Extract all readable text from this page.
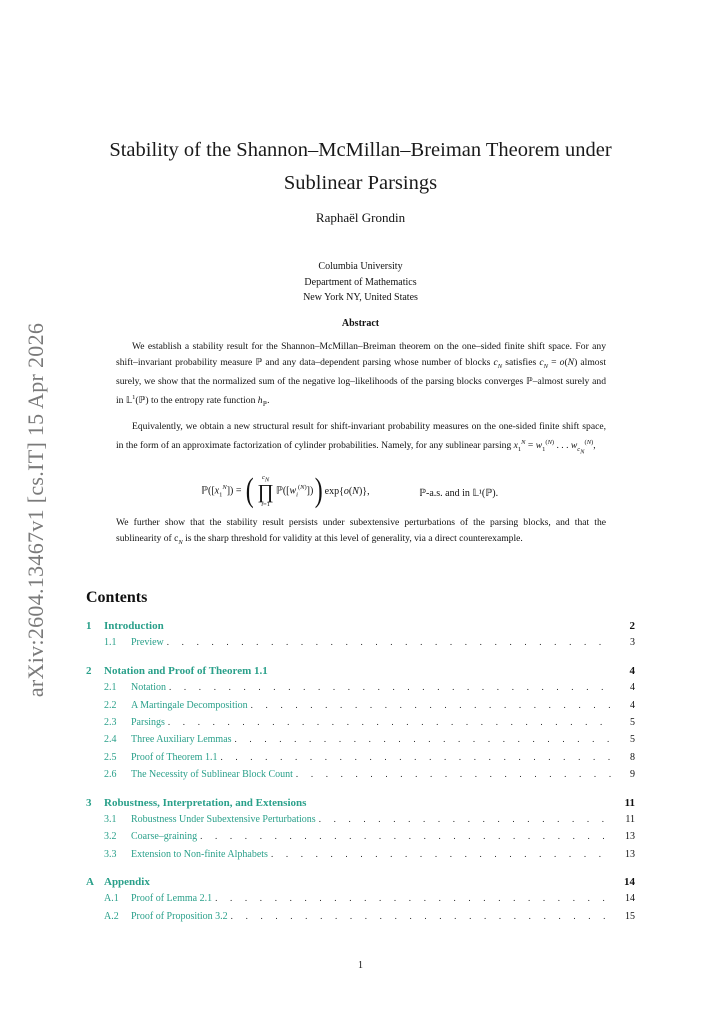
arXiv:2604.13467v1 [cs.IT] 15 Apr 2026
Stability of the Shannon–McMillan–Breiman Theorem under
Sublinear Parsings
Raphaël Grondin
Columbia University
Department of Mathematics
New York NY, United States
Abstract

We establish a stability result for the Shannon–McMillan–Breiman theorem on the one–sided finite shift space. For any shift–invariant probability measure ℙ and any data–dependent parsing whose number of blocks $c_N$ satisfies $c_N = o(N)$ almost surely, we show that the normalized sum of the negative log–likelihoods of the parsing blocks converges ℙ–almost surely and in 𝕃$^1$(ℙ) to the entropy rate function $h_ℙ$.

Equivalently, we obtain a new structural result for shift-invariant probability measures on the one-sided finite shift space, in the form of an approximate factorization of cylinder probabilities. Namely, for any sublinear parsing $x_1^N = w_1^{(N)}$ . . . $w_{c_N}^{(N)}$,

$ℙ([x_1^N])$ = ( $c_N$
∏
i=1
$ℙ([w_i^{(N)}])$ ) exp{o(N)},	ℙ-a.s. and in 𝕃¹(ℙ).

We further show that the stability result persists under subextensive perturbations of the parsing blocks, and that the sublinearity of $c_N$ is the sharp threshold for validity at this level of generality, via a direct counterexample.

Contents
1	Introduction	2
1.1	Preview . . .	3
2	Notation and Proof of Theorem 1.1	4
2.1	Notation . . .	4
2.2	A Martingale Decomposition . . .	4
2.3	Parsings . . .	5
2.4	Three Auxiliary Lemmas . . .	5
2.5	Proof of Theorem 1.1 . . .	8
2.6	The Necessity of Sublinear Block Count . . .	9
3	Robustness, Interpretation, and Extensions	11
3.1	Robustness Under Subextensive Perturbations . . .	11
3.2	Coarse–graining . . .	13
3.3	Extension to Non-finite Alphabets . . .	13
A Appendix	14
A.1	Proof of Lemma 2.1 . . .	14
A.2	Proof of Proposition 3.2 . . .	15
1
